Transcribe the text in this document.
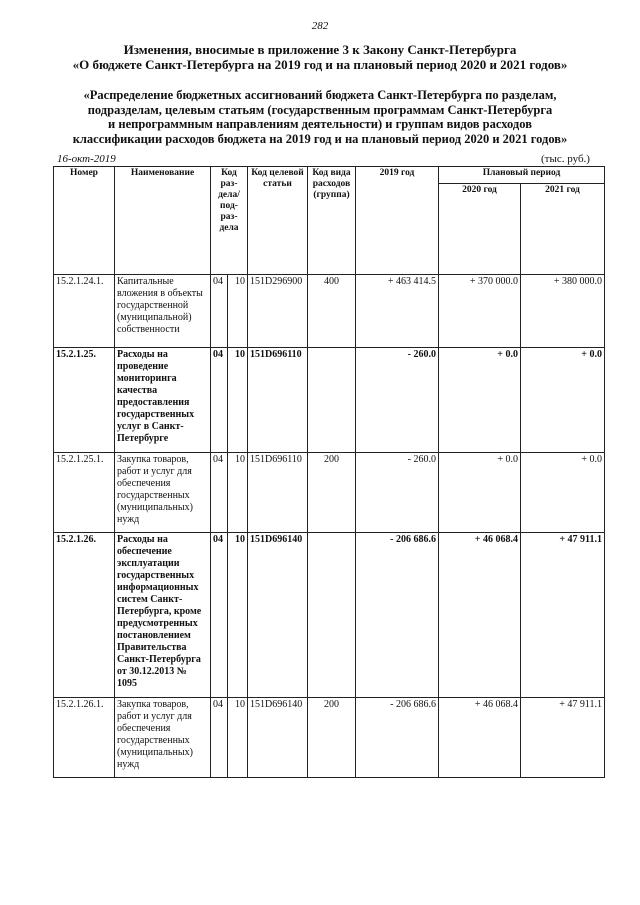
282
Изменения, вносимые в приложение 3 к Закону Санкт-Петербурга
«О бюджете Санкт-Петербурга на 2019 год и на плановый период 2020 и 2021 годов»
«Распределение бюджетных ассигнований бюджета Санкт-Петербурга по разделам,
подразделам, целевым статьям (государственным программам Санкт-Петербурга
и непрограммным направлениям деятельности) и группам видов расходов
классификации расходов бюджета на 2019 год и на плановый период 2020 и 2021 годов»
16-окт-2019	(тыс. руб.)
Номер	Наименование	Код раз-дела/ под-раз-дела		Код целевой статьи	Код вида расходов (группа)	2019 год	Плановый период	
							2020 год	2021 год
15.2.1.24.1.	Капитальные вложения в объекты государственной (муниципальной) собственности	04	10	151D296900	400	+ 463 414.5	+ 370 000.0	+ 380 000.0
15.2.1.25.	Расходы на проведение мониторинга качества предоставления государственных услуг в Санкт-Петербурге	04	10	151D696110		- 260.0	+ 0.0	+ 0.0
15.2.1.25.1.	Закупка товаров, работ и услуг для обеспечения государственных (муниципальных) нужд	04	10	151D696110	200	- 260.0	+ 0.0	+ 0.0
15.2.1.26.	Расходы на обеспечение эксплуатации государственных информационных систем Санкт-Петербурга, кроме предусмотренных постановлением Правительства Санкт-Петербурга от 30.12.2013 № 1095	04	10	151D696140		- 206 686.6	+ 46 068.4	+ 47 911.1
15.2.1.26.1.	Закупка товаров, работ и услуг для обеспечения государственных (муниципальных) нужд	04	10	151D696140	200	- 206 686.6	+ 46 068.4	+ 47 911.1
